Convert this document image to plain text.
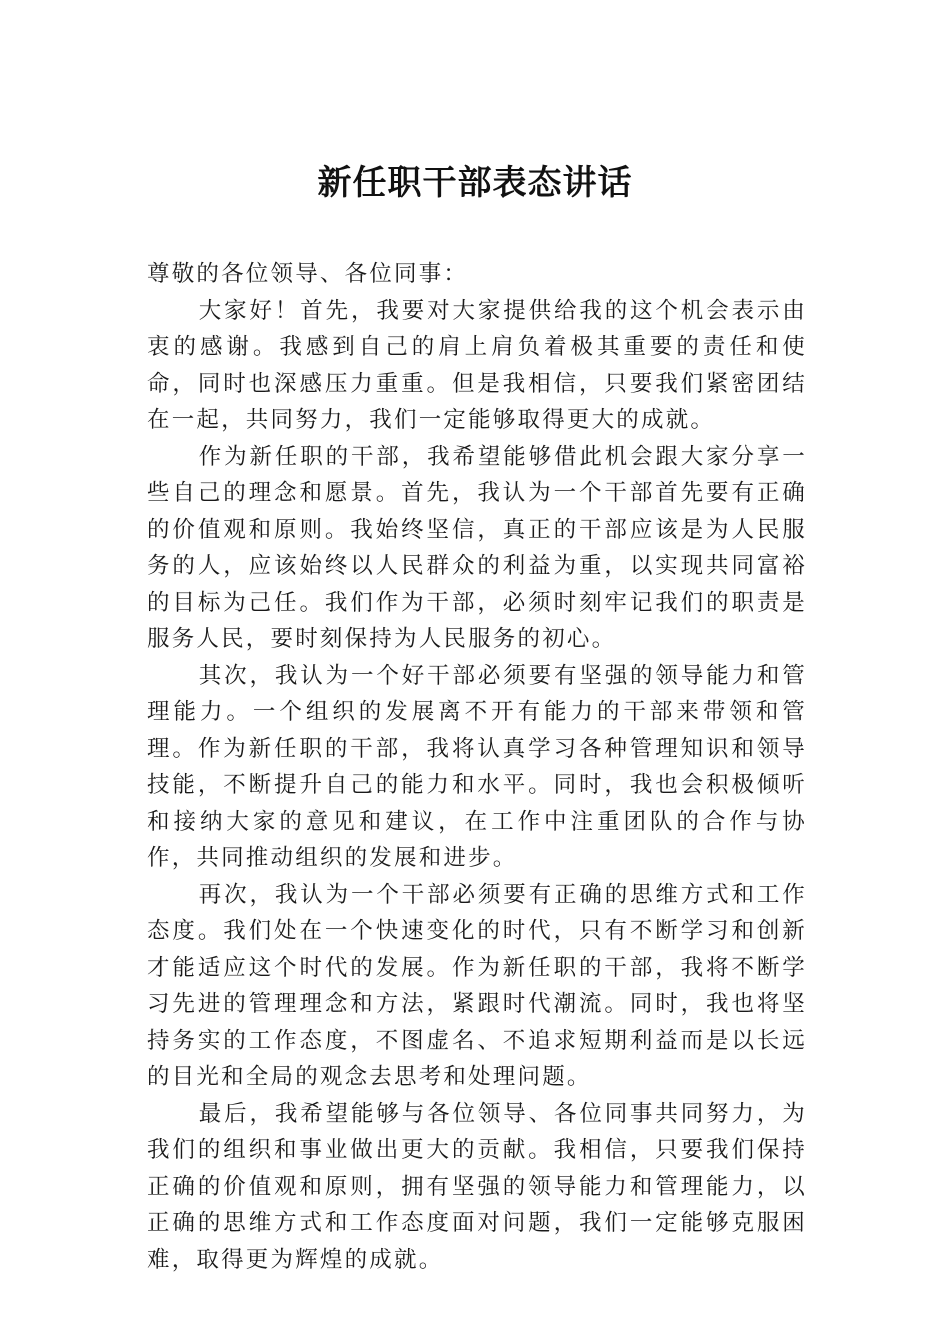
新任职干部表态讲话

尊敬的各位领导、各位同事：

大家好！首先，我要对大家提供给我的这个机会表示由衷的感谢。我感到自己的肩上肩负着极其重要的责任和使命，同时也深感压力重重。但是我相信，只要我们紧密团结在一起，共同努力，我们一定能够取得更大的成就。

作为新任职的干部，我希望能够借此机会跟大家分享一些自己的理念和愿景。首先，我认为一个干部首先要有正确的价值观和原则。我始终坚信，真正的干部应该是为人民服务的人，应该始终以人民群众的利益为重，以实现共同富裕的目标为己任。我们作为干部，必须时刻牢记我们的职责是服务人民，要时刻保持为人民服务的初心。

其次，我认为一个好干部必须要有坚强的领导能力和管理能力。一个组织的发展离不开有能力的干部来带领和管理。作为新任职的干部，我将认真学习各种管理知识和领导技能，不断提升自己的能力和水平。同时，我也会积极倾听和接纳大家的意见和建议，在工作中注重团队的合作与协作，共同推动组织的发展和进步。

再次，我认为一个干部必须要有正确的思维方式和工作态度。我们处在一个快速变化的时代，只有不断学习和创新才能适应这个时代的发展。作为新任职的干部，我将不断学习先进的管理理念和方法，紧跟时代潮流。同时，我也将坚持务实的工作态度，不图虚名、不追求短期利益而是以长远的目光和全局的观念去思考和处理问题。

最后，我希望能够与各位领导、各位同事共同努力，为我们的组织和事业做出更大的贡献。我相信，只要我们保持正确的价值观和原则，拥有坚强的领导能力和管理能力，以正确的思维方式和工作态度面对问题，我们一定能够克服困难，取得更为辉煌的成就。
